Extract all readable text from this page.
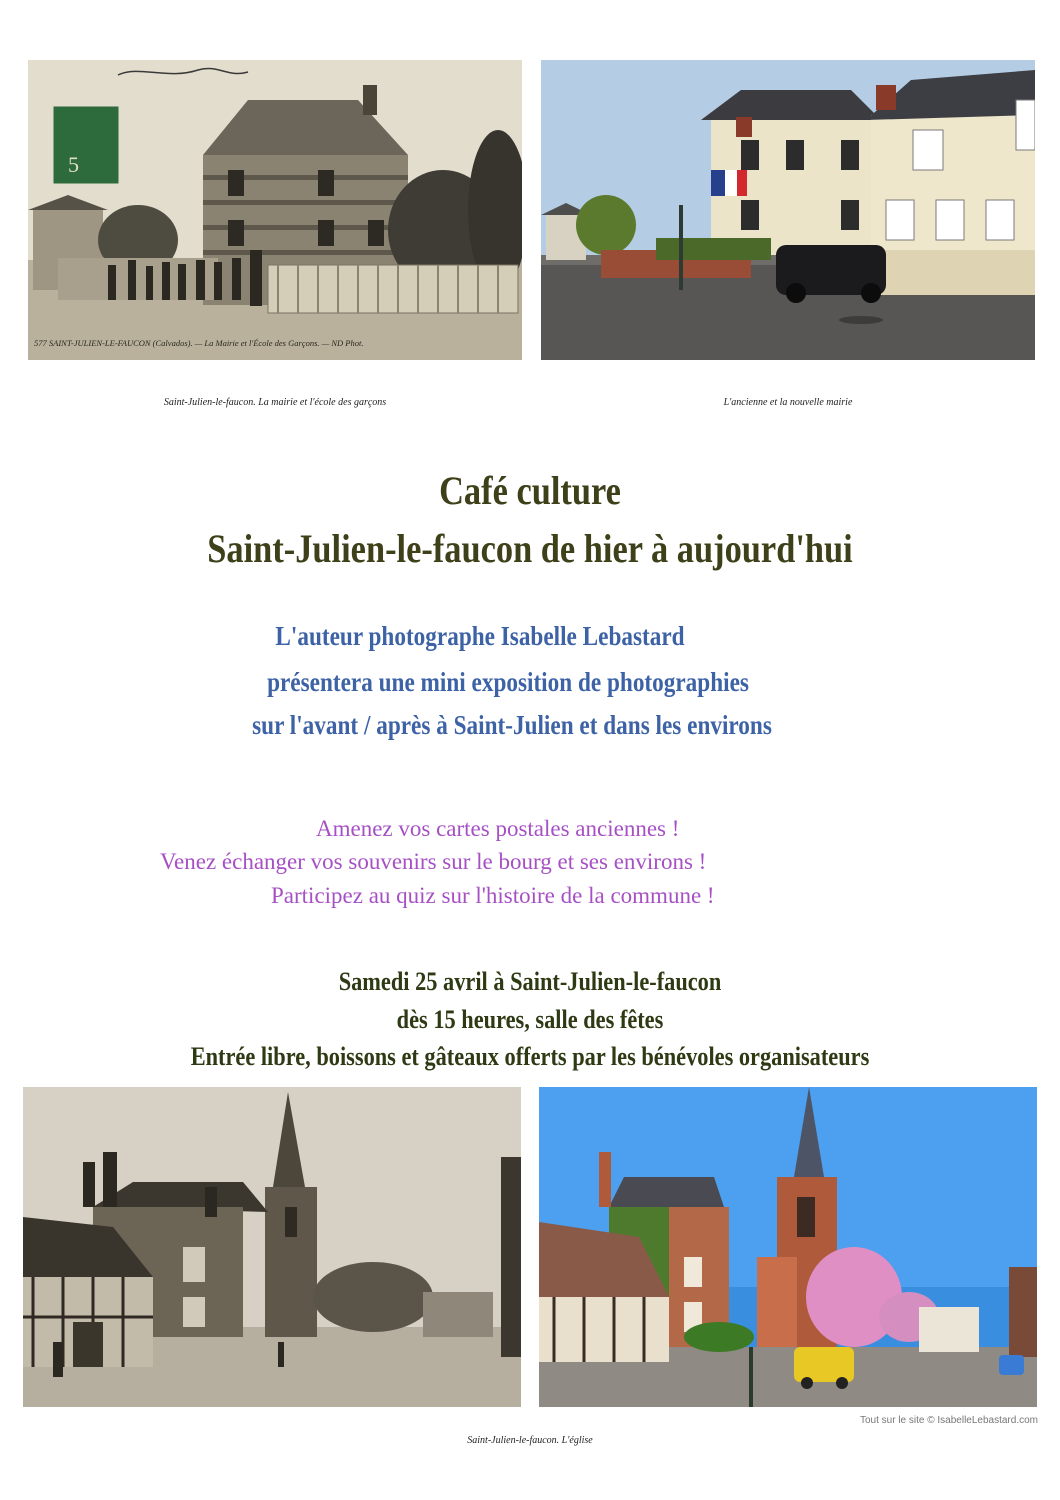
5
577 SAINT-JULIEN-LE-FAUCON (Calvados). — La Mairie et l'École des Garçons. — ND Phot.
Saint-Julien-le-faucon. La mairie et l'école des garçons	L'ancienne et la nouvelle mairie
Café culture
Saint-Julien-le-faucon de hier à aujourd'hui
L'auteur photographe Isabelle Lebastard
présentera une mini exposition de photographies
sur l'avant / après à Saint-Julien et dans les environs
Amenez vos cartes postales anciennes !
Venez échanger vos souvenirs sur le bourg et ses environs !
Participez au quiz sur l'histoire de la commune !
Samedi 25 avril à Saint-Julien-le-faucon
dès 15 heures, salle des fêtes
Entrée libre, boissons et gâteaux offerts par les bénévoles organisateurs
Tout sur le site © IsabelleLebastard.com
Saint-Julien-le-faucon. L'église
